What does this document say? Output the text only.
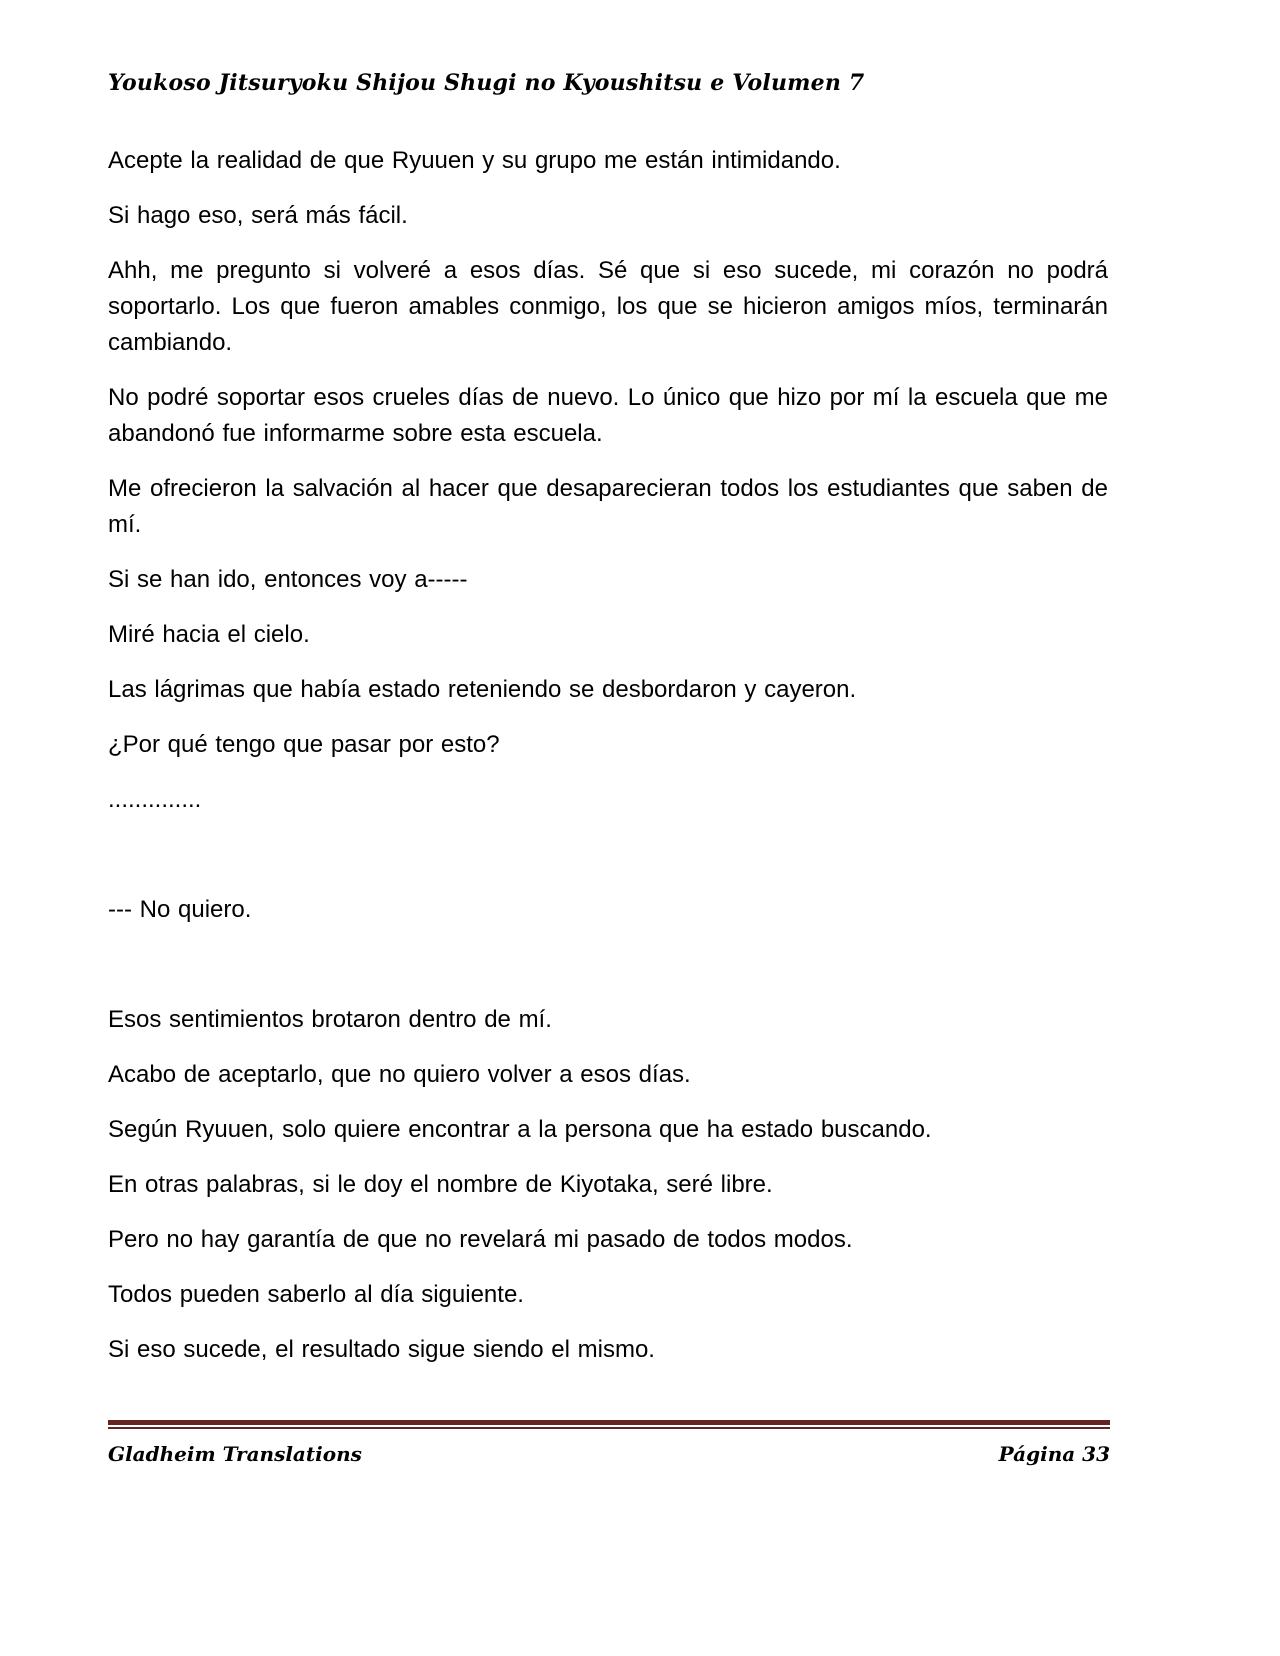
Youkoso Jitsuryoku Shijou Shugi no Kyoushitsu e Volumen 7

Acepte la realidad de que Ryuuen y su grupo me están intimidando.

Si hago eso, será más fácil.

Ahh, me pregunto si volveré a esos días. Sé que si eso sucede, mi corazón no podrá soportarlo. Los que fueron amables conmigo, los que se hicieron amigos míos, terminarán cambiando.

No podré soportar esos crueles días de nuevo. Lo único que hizo por mí la escuela que me abandonó fue informarme sobre esta escuela.

Me ofrecieron la salvación al hacer que desaparecieran todos los estudiantes que saben de mí.

Si se han ido, entonces voy a-----

Miré hacia el cielo.

Las lágrimas que había estado reteniendo se desbordaron y cayeron.

¿Por qué tengo que pasar por esto?

..............

--- No quiero.

Esos sentimientos brotaron dentro de mí.

Acabo de aceptarlo, que no quiero volver a esos días.

Según Ryuuen, solo quiere encontrar a la persona que ha estado buscando.

En otras palabras, si le doy el nombre de Kiyotaka, seré libre.

Pero no hay garantía de que no revelará mi pasado de todos modos.

Todos pueden saberlo al día siguiente.

Si eso sucede, el resultado sigue siendo el mismo.

Gladheim Translations	Página 33
